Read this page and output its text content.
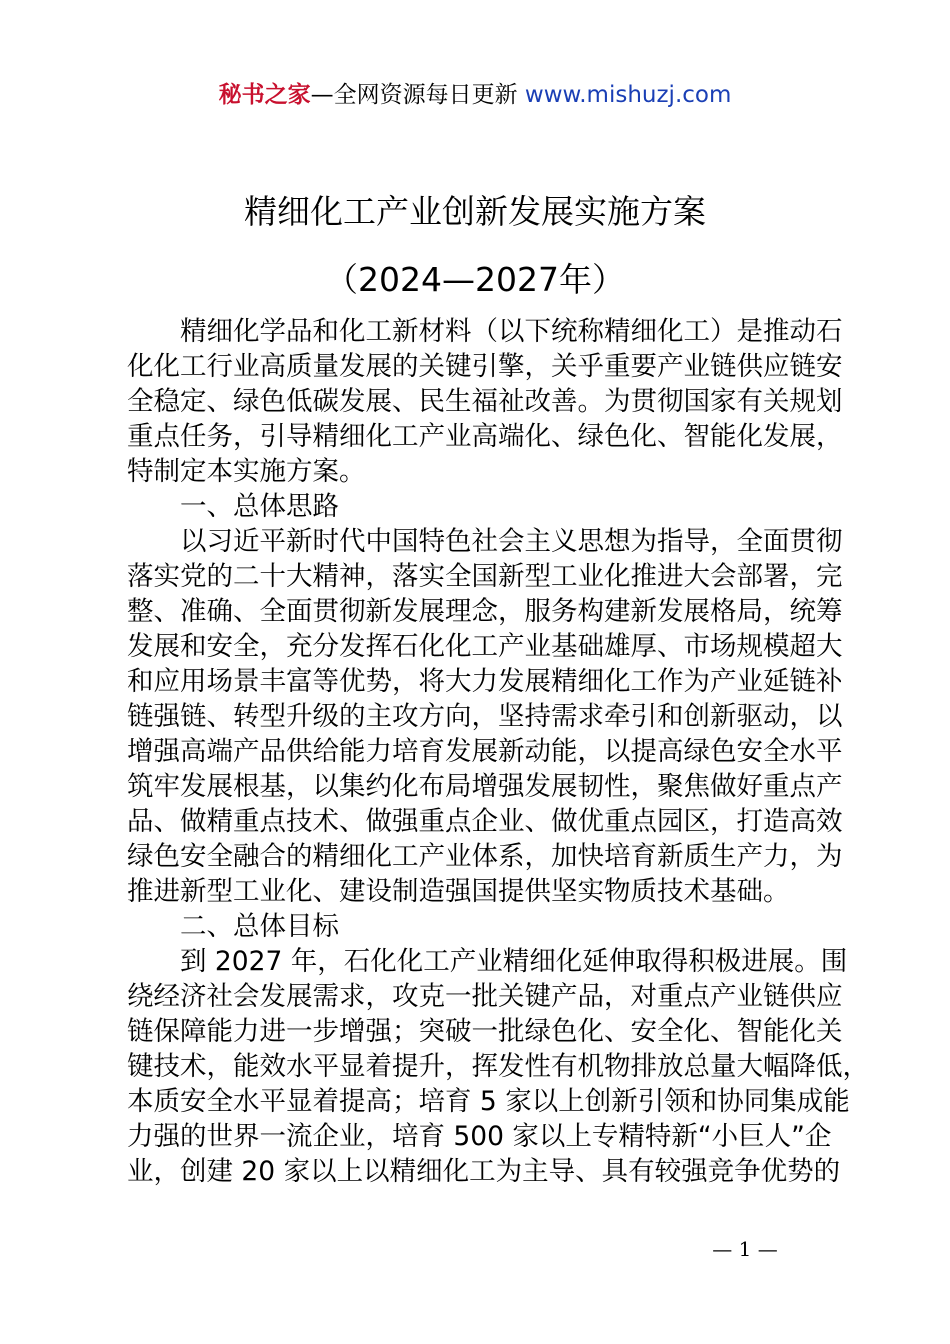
秘书之家—全网资源每日更新 www.mishuzj.com
精细化工产业创新发展实施方案
（2024—2027年）
　　精细化学品和化工新材料（以下统称精细化工）是推动石
化化工行业高质量发展的关键引擎，关乎重要产业链供应链安
全稳定、绿色低碳发展、民生福祉改善。为贯彻国家有关规划
重点任务，引导精细化工产业高端化、绿色化、智能化发展，
特制定本实施方案。
　　一、总体思路
　　以习近平新时代中国特色社会主义思想为指导，全面贯彻
落实党的二十大精神，落实全国新型工业化推进大会部署，完
整、准确、全面贯彻新发展理念，服务构建新发展格局，统筹
发展和安全，充分发挥石化化工产业基础雄厚、市场规模超大
和应用场景丰富等优势，将大力发展精细化工作为产业延链补
链强链、转型升级的主攻方向，坚持需求牵引和创新驱动，以
增强高端产品供给能力培育发展新动能，以提高绿色安全水平
筑牢发展根基，以集约化布局增强发展韧性，聚焦做好重点产
品、做精重点技术、做强重点企业、做优重点园区，打造高效
绿色安全融合的精细化工产业体系，加快培育新质生产力，为
推进新型工业化、建设制造强国提供坚实物质技术基础。
　　二、总体目标
　　到 2027 年，石化化工产业精细化延伸取得积极进展。围
绕经济社会发展需求，攻克一批关键产品，对重点产业链供应
链保障能力进一步增强；突破一批绿色化、安全化、智能化关
键技术，能效水平显着提升，挥发性有机物排放总量大幅降低，
本质安全水平显着提高；培育 5 家以上创新引领和协同集成能
力强的世界一流企业，培育 500 家以上专精特新“小巨人”企
业，创建 20 家以上以精细化工为主导、具有较强竞争优势的
— 1 —
